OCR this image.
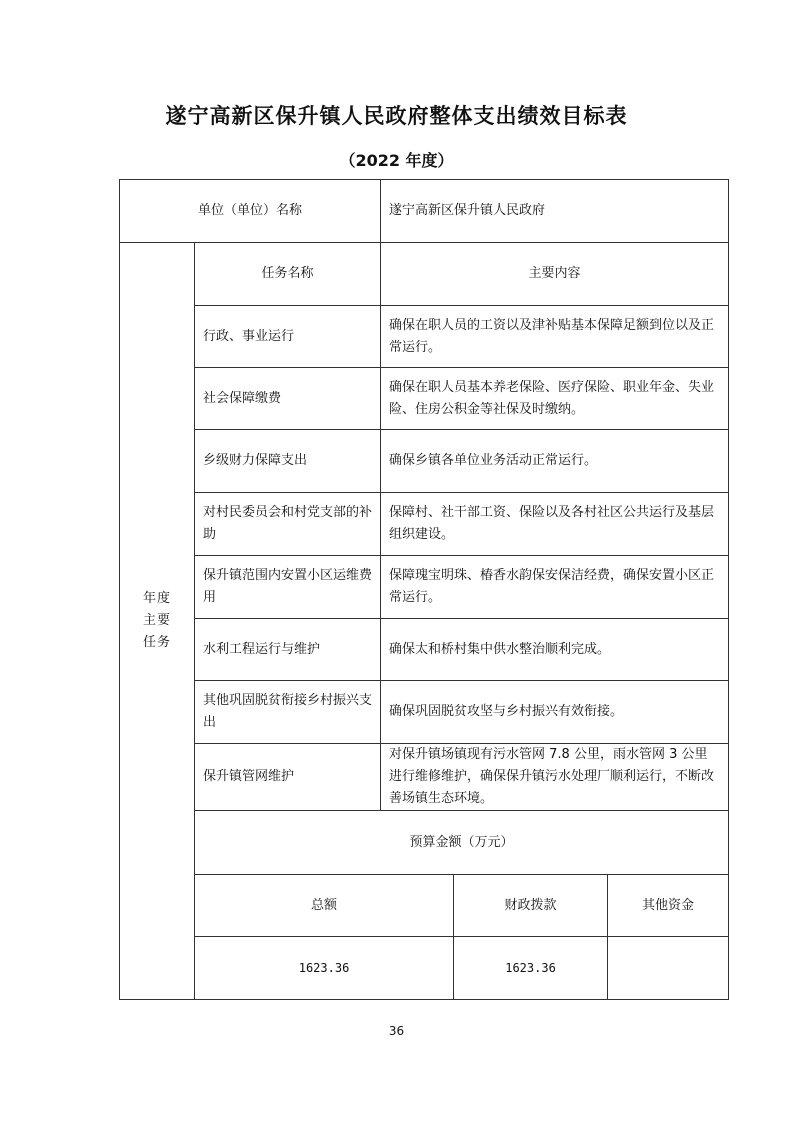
遂宁高新区保升镇人民政府整体支出绩效目标表
（2022 年度）
单位（单位）名称		遂宁高新区保升镇人民政府		

年度
主要
任务	任务名称	主要内容		
	行政、事业运行	确保在职人员的工资以及津补贴基本保障足额到位以及正常运行。		
	社会保障缴费	确保在职人员基本养老保险、医疗保险、职业年金、失业险、住房公积金等社保及时缴纳。		
	乡级财力保障支出	确保乡镇各单位业务活动正常运行。		
	对村民委员会和村党支部的补助	保障村、社干部工资、保险以及各村社区公共运行及基层组织建设。		
	保升镇范围内安置小区运维费用	保障瑰宝明珠、椿香水韵保安保洁经费，确保安置小区正常运行。		
	水利工程运行与维护	确保太和桥村集中供水整治顺利完成。		
	其他巩固脱贫衔接乡村振兴支出	确保巩固脱贫攻坚与乡村振兴有效衔接。		
	保升镇管网维护	对保升镇场镇现有污水管网 7.8 公里，雨水管网 3 公里进行维修维护，确保保升镇污水处理厂顺利运行，不断改善场镇生态环境。		
	预算金额（万元）			
	总额		财政拨款	其他资金
	1623.36		1623.36	
36
